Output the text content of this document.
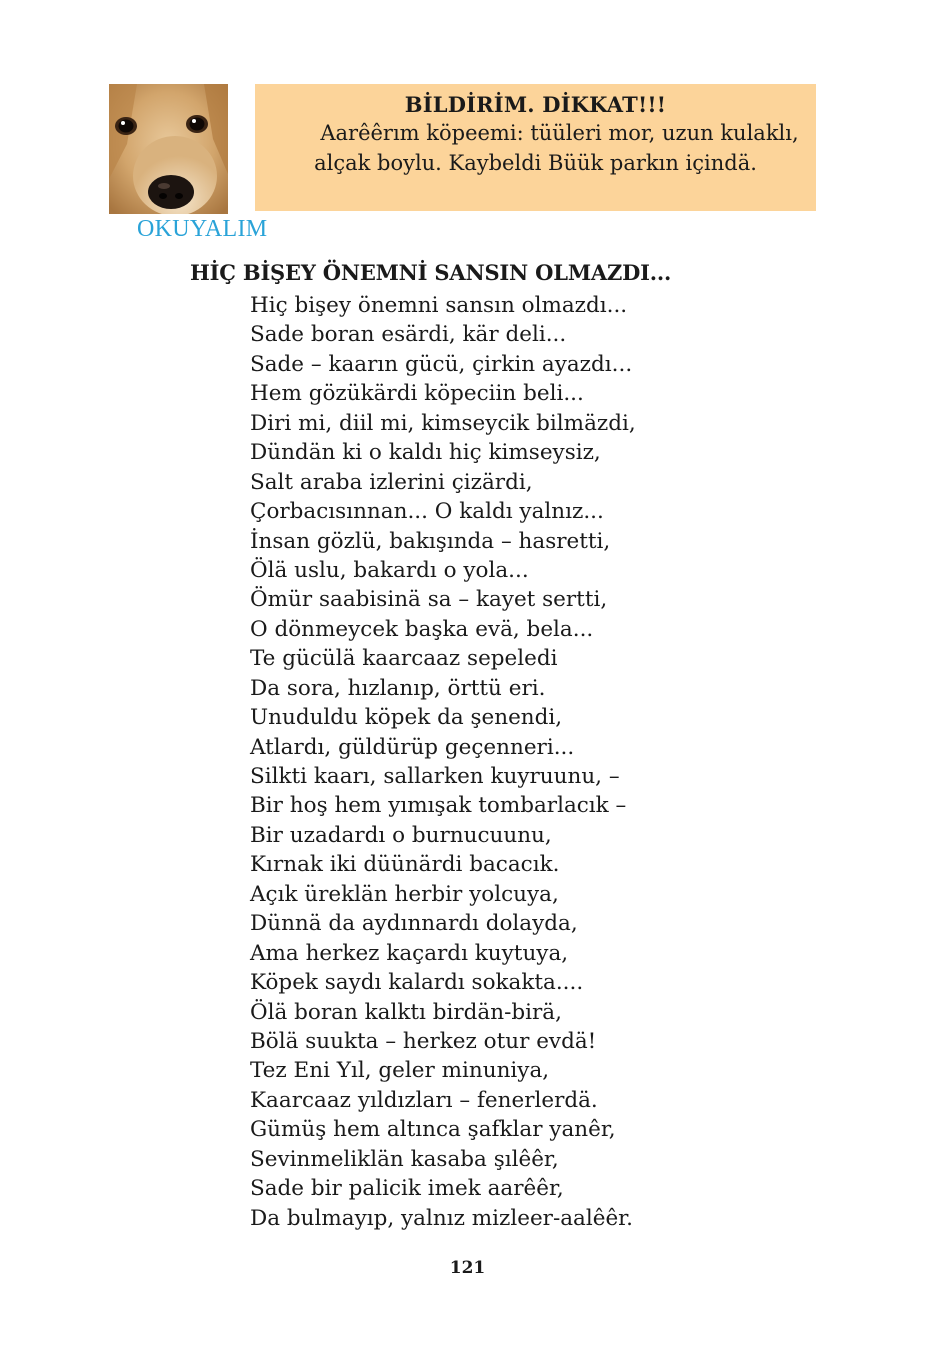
BİLDİRİM. DİKKAT!!!
Aarêêrım köpeemi: tüüleri mor, uzun kulaklı, alçak boylu. Kaybeldi Büük parkın içindä.
OKUYALIM
HİÇ BİŞEY ÖNEMNİ SANSIN OLMAZDI...
Hiç bişey önemni sansın olmazdı...
Sade boran esärdi, kär deli...
Sade – kaarın gücü, çirkin ayazdı...
Hem gözükärdi köpeciin beli...
Diri mi, diil mi, kimseycik bilmäzdi,
Dündän ki o kaldı hiç kimseysiz,
Salt araba izlerini çizärdi,
Çorbacısınnan... O kaldı yalnız...
İnsan gözlü, bakışında – hasretti,
Ölä uslu, bakardı o yola...
Ömür saabisinä sa – kayet sertti,
O dönmeycek başka evä, bela...
Te gücülä kaarcaaz sepeledi
Da sora, hızlanıp, örttü eri.
Unuduldu köpek da şenendi,
Atlardı, güldürüp geçenneri...
Silkti kaarı, sallarken kuyruunu, –
Bir hoş hem yımışak tombarlacık –
Bir uzadardı o burnucuunu,
Kırnak iki düünärdi bacacık.
Açık üreklän herbir yolcuya,
Dünnä da aydınnardı dolayda,
Ama herkez kaçardı kuytuya,
Köpek saydı kalardı sokakta....
Ölä boran kalktı birdän-birä,
Bölä suukta – herkez otur evdä!
Tez Eni Yıl, geler minuniya,
Kaarcaaz yıldızları – fenerlerdä.
Gümüş hem altınca şafklar yanêr,
Sevinmeliklän kasaba şılêêr,
Sade bir palicik imek aarêêr,
Da bulmayıp, yalnız mizleer-aalêêr.
121
